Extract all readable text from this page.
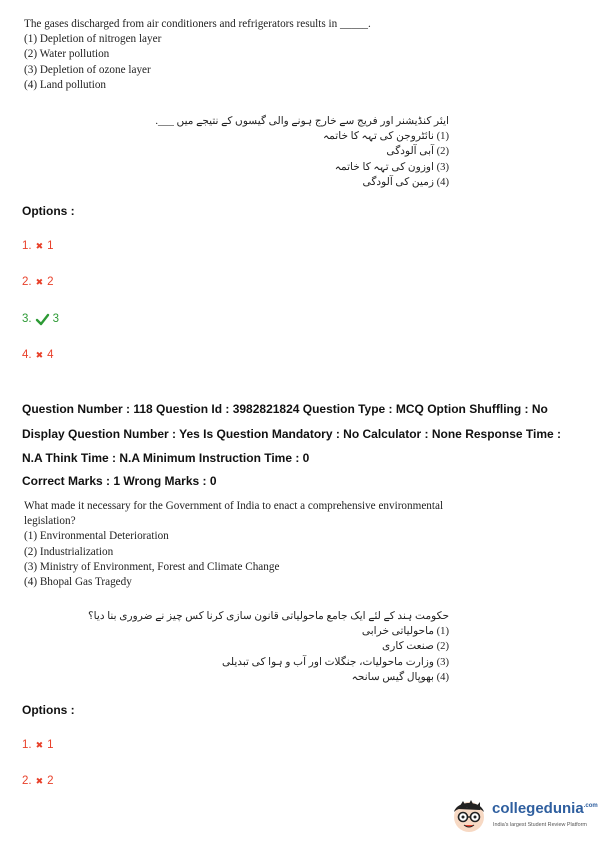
The gases discharged from air conditioners and refrigerators results in _____.
(1) Depletion of nitrogen layer
(2) Water pollution
(3) Depletion of ozone layer
(4) Land pollution
ایئر کنڈیشنر اور فریج سے خارج ہونے والی گیسوں کے نتیجے میں ___.
(1) نائٹروجن کی تہہ کا خاتمہ
(2) آبی آلودگی
(3) اوزون کی تہہ کا خاتمہ
(4) زمین کی آلودگی
Options :
1. ✖ 1
2. ✖ 2
3. 3
4. ✖ 4
Question Number : 118 Question Id : 3982821824 Question Type : MCQ Option Shuffling : No Display Question Number : Yes Is Question Mandatory : No Calculator : None Response Time : N.A Think Time : N.A Minimum Instruction Time : 0
Correct Marks : 1 Wrong Marks : 0
What made it necessary for the Government of India to enact a comprehensive environmental
legislation?
(1) Environmental Deterioration
(2) Industrialization
(3) Ministry of Environment, Forest and Climate Change
(4) Bhopal Gas Tragedy
حکومت ہند کے لئے ایک جامع ماحولیاتی قانون سازی کرنا کس چیز نے ضروری بنا دیا؟
(1) ماحولیاتی خرابی
(2) صنعت کاری
(3) وزارت ماحولیات، جنگلات اور آب و ہوا کی تبدیلی
(4) بھوپال گیس سانحہ
Options :
1. ✖ 1
2. ✖ 2
collegedunia$^{.com}$
India's largest Student Review Platform
